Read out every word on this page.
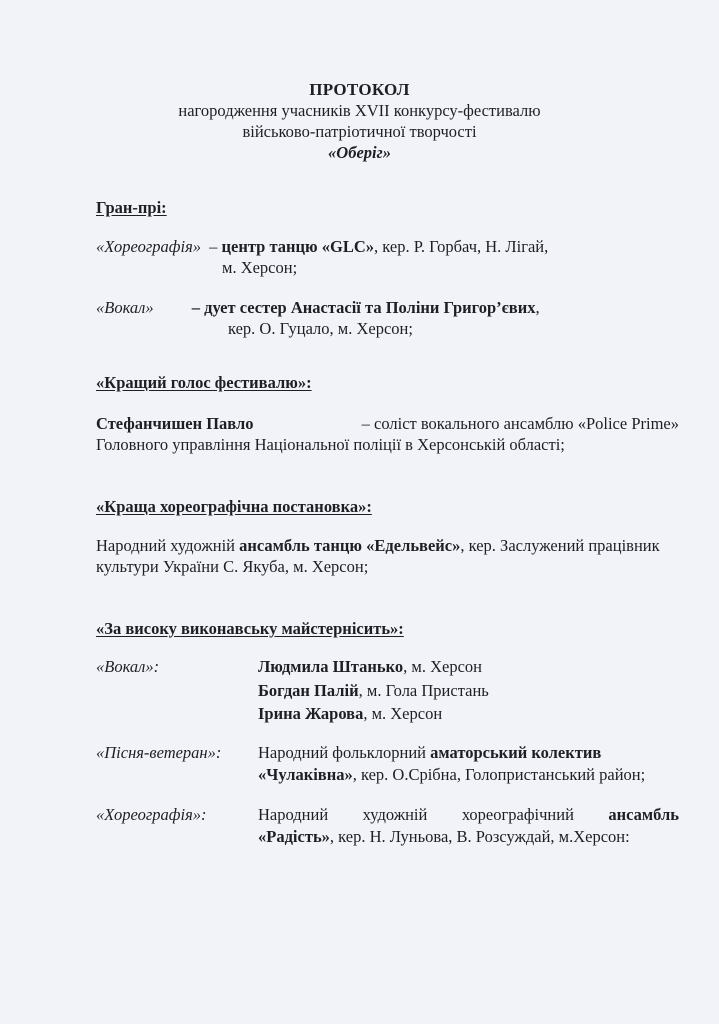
ПРОТОКОЛ
нагородження учасників XVII конкурсу-фестивалю
військово-патріотичної творчості
«Оберіг»
Гран-прі:
«Хореографія» – центр танцю «GLC», кер. Р. Горбач, Н. Лігай,
м. Херсон;
«Вокал» – дует сестер Анастасії та Поліни Григор’євих,
кер. О. Гуцало, м. Херсон;
«Кращий голос фестивалю»:
Стефанчишен Павло	– соліст вокального ансамблю «Police Prime»
Головного управління Національної поліції в Херсонській області;
«Краща хореографічна постановка»:
Народний художній ансамбль танцю «Едельвейс», кер. Заслужений працівник
культури України С. Якуба, м. Херсон;
«За високу виконавську майстернісить»:
«Вокал»:	Людмила Штанько, м. Херсон
Богдан Палій, м. Гола Пристань
Ірина Жарова, м. Херсон
«Пісня-ветеран»: Народний фольклорний аматорський колектив
«Чулаківна», кер. О.Срібна, Голопристанський район;
«Хореографія»:	Народний художній хореографічний ансамбль
«Радість», кер. Н. Луньова, В. Розсуждай, м.Херсон:
